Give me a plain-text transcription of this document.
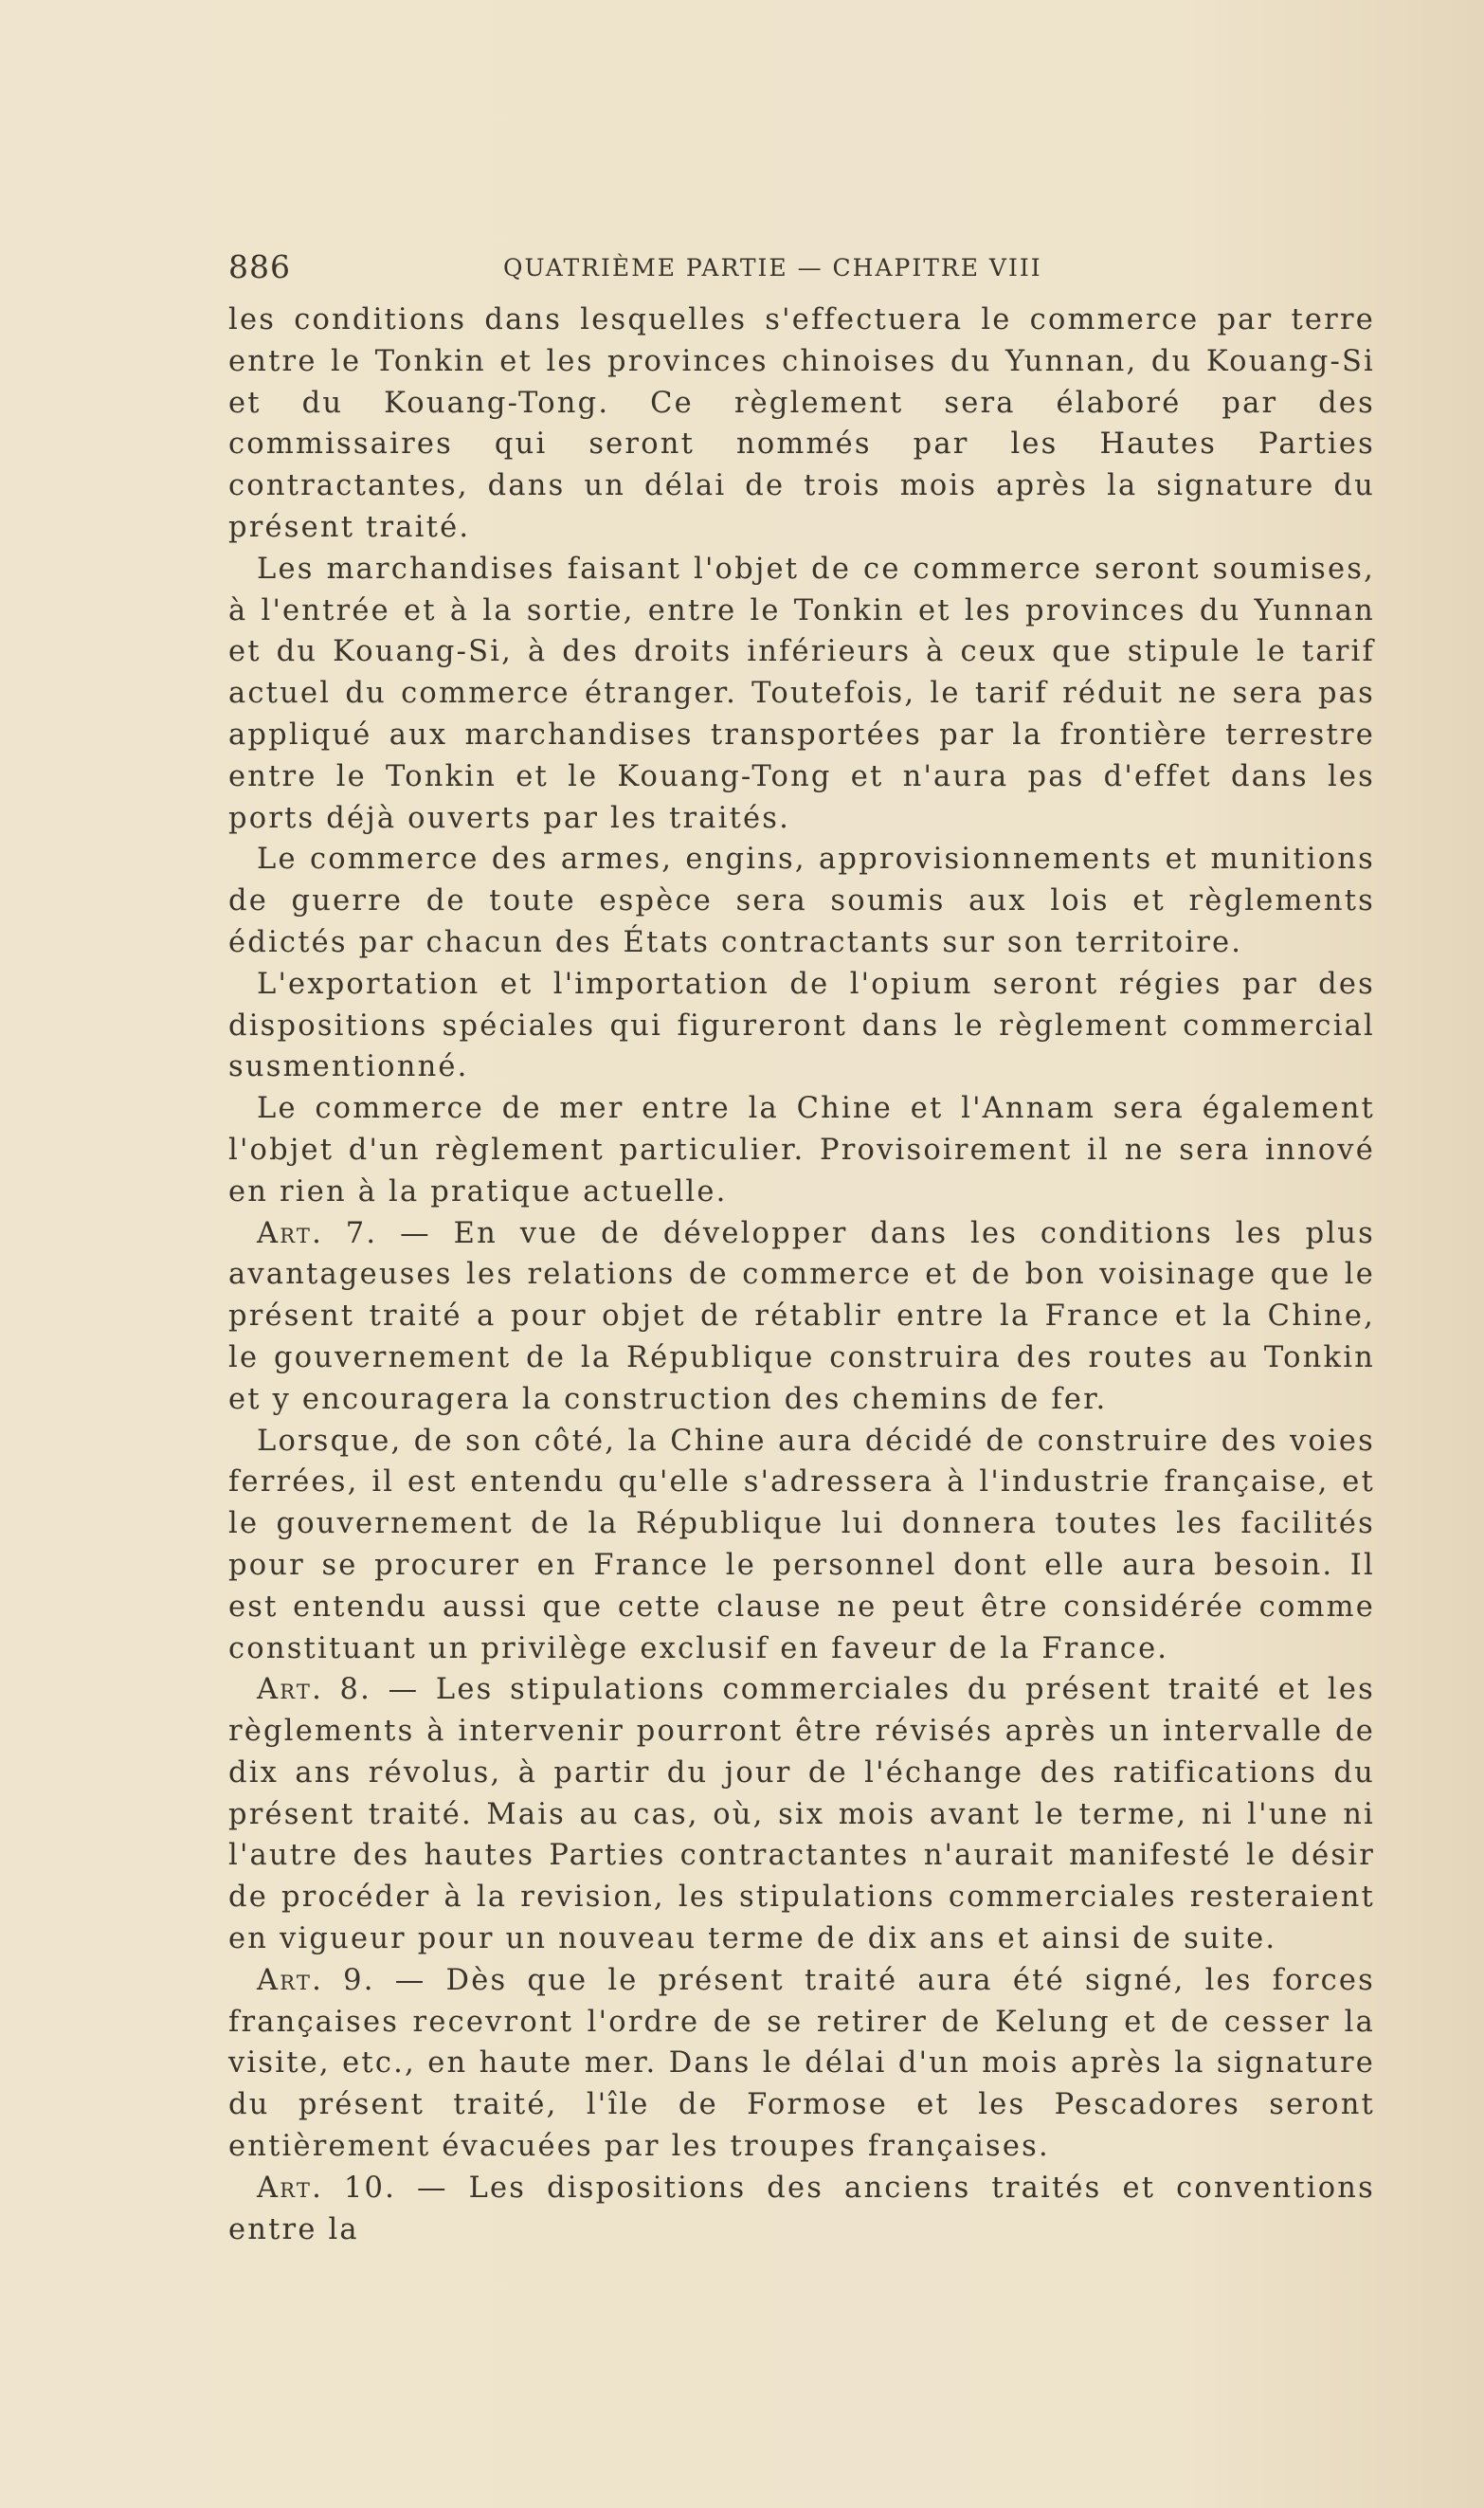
886	QUATRIÈME PARTIE — CHAPITRE VIII

les conditions dans lesquelles s'effectuera le commerce par terre entre le Tonkin et les provinces chinoises du Yunnan, du Kouang-Si et du Kouang-Tong. Ce règlement sera élaboré par des commissaires qui seront nommés par les Hautes Parties contractantes, dans un délai de trois mois après la signature du présent traité.

Les marchandises faisant l'objet de ce commerce seront soumises, à l'entrée et à la sortie, entre le Tonkin et les provinces du Yunnan et du Kouang-Si, à des droits inférieurs à ceux que stipule le tarif actuel du commerce étranger. Toutefois, le tarif réduit ne sera pas appliqué aux marchandises transportées par la frontière terrestre entre le Tonkin et le Kouang-Tong et n'aura pas d'effet dans les ports déjà ouverts par les traités.

Le commerce des armes, engins, approvisionnements et munitions de guerre de toute espèce sera soumis aux lois et règlements édictés par chacun des États contractants sur son territoire.

L'exportation et l'importation de l'opium seront régies par des dispositions spéciales qui figureront dans le règlement commercial susmentionné.

Le commerce de mer entre la Chine et l'Annam sera également l'objet d'un règlement particulier. Provisoirement il ne sera innové en rien à la pratique actuelle.

Art. 7. — En vue de développer dans les conditions les plus avantageuses les relations de commerce et de bon voisinage que le présent traité a pour objet de rétablir entre la France et la Chine, le gouvernement de la République construira des routes au Tonkin et y encouragera la construction des chemins de fer.

Lorsque, de son côté, la Chine aura décidé de construire des voies ferrées, il est entendu qu'elle s'adressera à l'industrie française, et le gouvernement de la République lui donnera toutes les facilités pour se procurer en France le personnel dont elle aura besoin. Il est entendu aussi que cette clause ne peut être considérée comme constituant un privilège exclusif en faveur de la France.

Art. 8. — Les stipulations commerciales du présent traité et les règlements à intervenir pourront être révisés après un intervalle de dix ans révolus, à partir du jour de l'échange des ratifications du présent traité. Mais au cas, où, six mois avant le terme, ni l'une ni l'autre des hautes Parties contractantes n'aurait manifesté le désir de procéder à la revision, les stipulations commerciales resteraient en vigueur pour un nouveau terme de dix ans et ainsi de suite.

Art. 9. — Dès que le présent traité aura été signé, les forces françaises recevront l'ordre de se retirer de Kelung et de cesser la visite, etc., en haute mer. Dans le délai d'un mois après la signature du présent traité, l'île de Formose et les Pescadores seront entièrement évacuées par les troupes françaises.

Art. 10. — Les dispositions des anciens traités et conventions entre la
